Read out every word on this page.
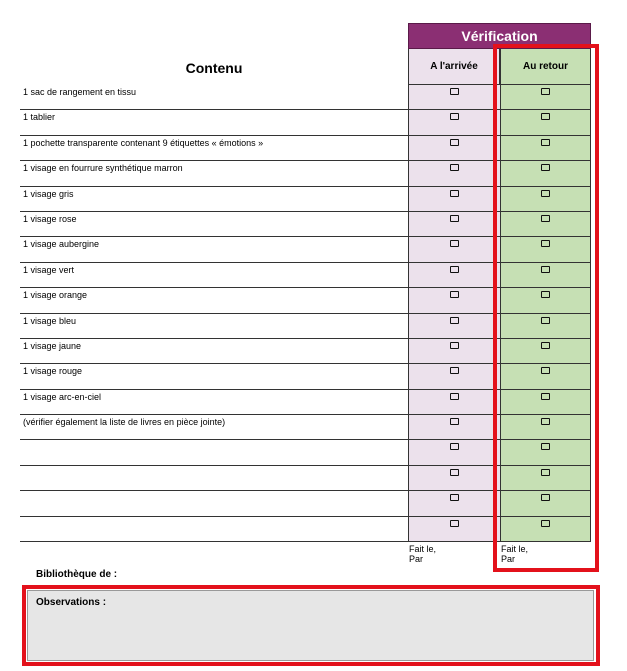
Vérification
Contenu	A l'arrivée	Au retour
1 sac de rangement en tissu
1 tablier
1 pochette transparente contenant 9 étiquettes « émotions »
1 visage en fourrure synthétique marron
1 visage gris
1 visage rose
1 visage aubergine
1 visage vert
1 visage orange
1 visage bleu
1 visage jaune
1 visage rouge
1 visage arc-en-ciel
(vérifier également la liste de livres en pièce jointe)
Fait le,
Par
Fait le,
Par
Bibliothèque de :
Observations :
